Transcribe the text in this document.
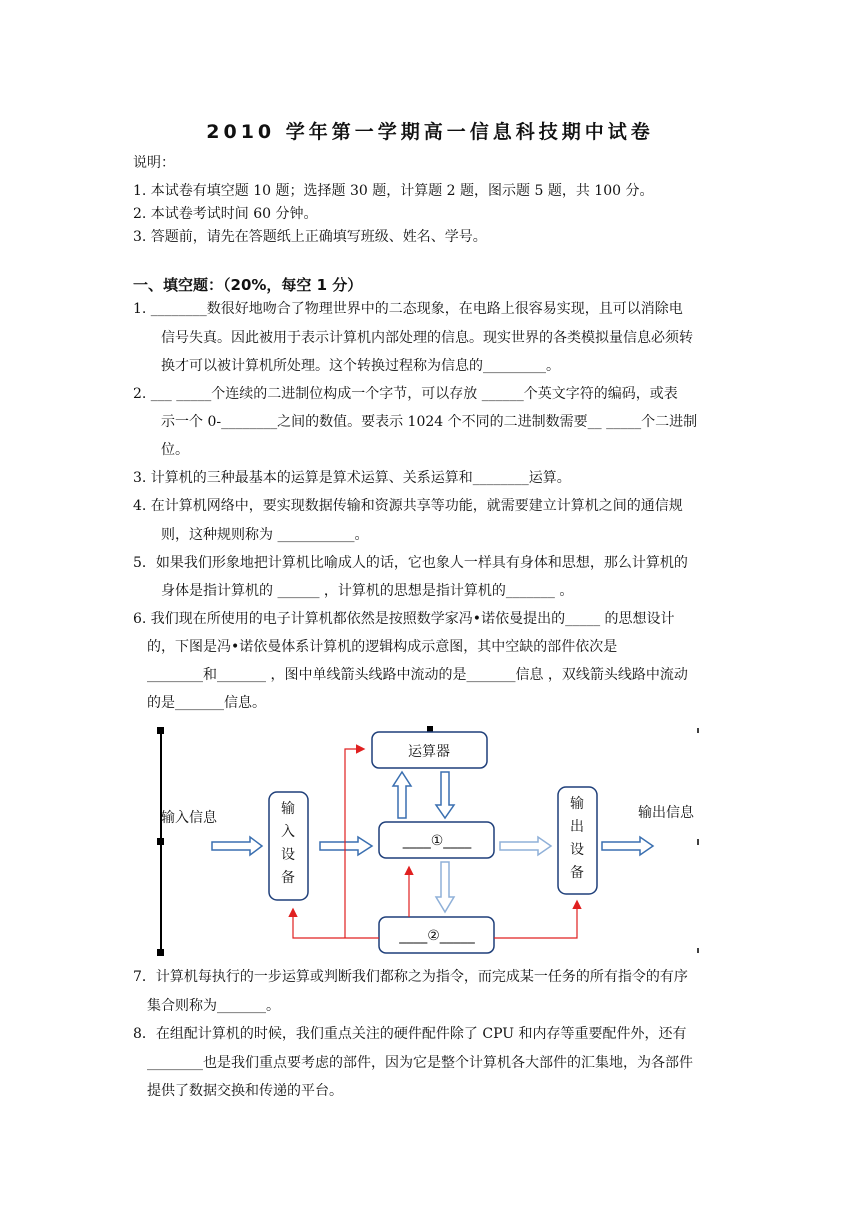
2010 学年第一学期高一信息科技期中试卷
说明：
1. 本试卷有填空题 10 题；选择题 30 题，计算题 2 题，图示题 5 题，共 100 分。
2. 本试卷考试时间 60 分钟。
3. 答题前，请先在答题纸上正确填写班级、姓名、学号。
一、填空题：（20%，每空 1 分）
1. ________数很好地吻合了物理世界中的二态现象，在电路上很容易实现，且可以消除电
信号失真。因此被用于表示计算机内部处理的信息。现实世界的各类模拟量信息必须转
换才可以被计算机所处理。这个转换过程称为信息的_________。
2. ___ _____个连续的二进制位构成一个字节，可以存放 ______个英文字符的编码，或表
示一个 0-________之间的数值。要表示 1024 个不同的二进制数需要__ _____个二进制
位。
3. 计算机的三种最基本的运算是算术运算、关系运算和________运算。
4. 在计算机网络中，要实现数据传输和资源共享等功能，就需要建立计算机之间的通信规
则，这种规则称为 ___________。
5．如果我们形象地把计算机比喻成人的话，它也象人一样具有身体和思想，那么计算机的
身体是指计算机的 ______ ，计算机的思想是指计算机的_______ 。
6. 我们现在所使用的电子计算机都依然是按照数学家冯•诺依曼提出的_____ 的思想设计
的，下图是冯•诺依曼体系计算机的逻辑构成示意图，其中空缺的部件依次是
________和_______ ，图中单线箭头线路中流动的是_______信息 ，双线箭头线路中流动
的是_______信息。
运算器
____①____
____②_____
输入信息	输出信息
输
入
设
备
输
出
设
备
7．计算机每执行的一步运算或判断我们都称之为指令，而完成某一任务的所有指令的有序
集合则称为_______。
8．在组配计算机的时候，我们重点关注的硬件配件除了 CPU 和内存等重要配件外，还有
________也是我们重点要考虑的部件，因为它是整个计算机各大部件的汇集地，为各部件
提供了数据交换和传递的平台。
